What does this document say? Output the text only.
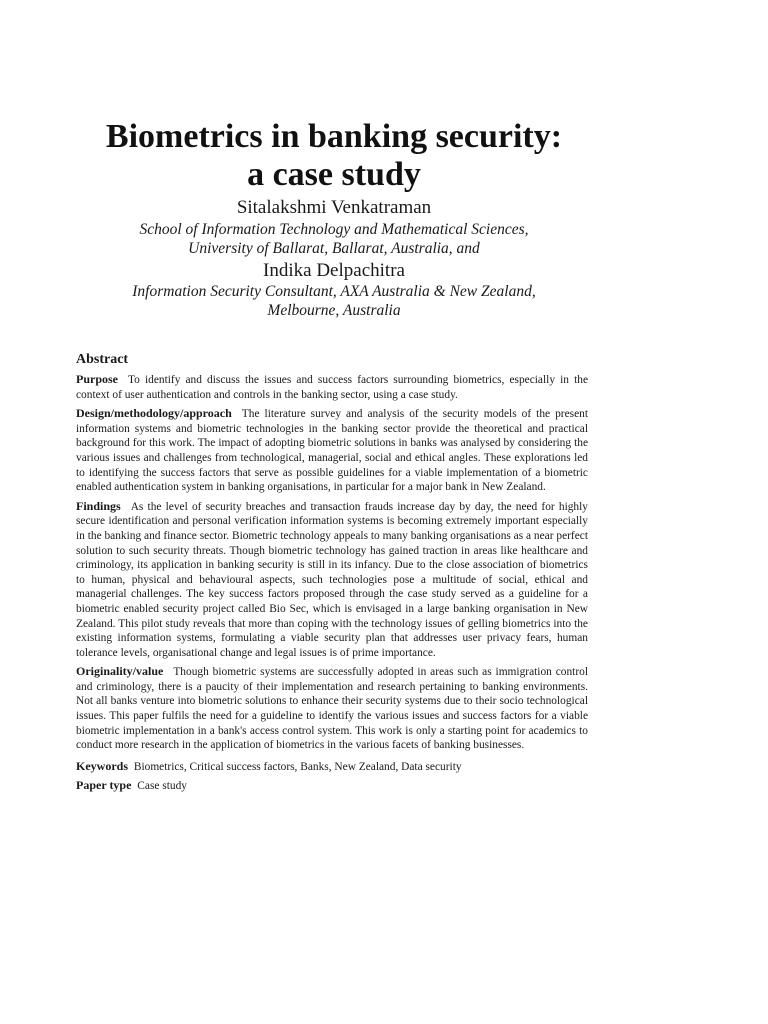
Biometrics in banking security:
a case study
Sitalakshmi Venkatraman
School of Information Technology and Mathematical Sciences,
University of Ballarat, Ballarat, Australia, and
Indika Delpachitra
Information Security Consultant, AXA Australia & New Zealand,
Melbourne, Australia
Abstract

Purpose To identify and discuss the issues and success factors surrounding biometrics, especially in the context of user authentication and controls in the banking sector, using a case study.

Design/methodology/approach The literature survey and analysis of the security models of the present information systems and biometric technologies in the banking sector provide the theoretical and practical background for this work. The impact of adopting biometric solutions in banks was analysed by considering the various issues and challenges from technological, managerial, social and ethical angles. These explorations led to identifying the success factors that serve as possible guidelines for a viable implementation of a biometric enabled authentication system in banking organisations, in particular for a major bank in New Zealand.

Findings As the level of security breaches and transaction frauds increase day by day, the need for highly secure identification and personal verification information systems is becoming extremely important especially in the banking and finance sector. Biometric technology appeals to many banking organisations as a near perfect solution to such security threats. Though biometric technology has gained traction in areas like healthcare and criminology, its application in banking security is still in its infancy. Due to the close association of biometrics to human, physical and behavioural aspects, such technologies pose a multitude of social, ethical and managerial challenges. The key success factors proposed through the case study served as a guideline for a biometric enabled security project called Bio Sec, which is envisaged in a large banking organisation in New Zealand. This pilot study reveals that more than coping with the technology issues of gelling biometrics into the existing information systems, formulating a viable security plan that addresses user privacy fears, human tolerance levels, organisational change and legal issues is of prime importance.

Originality/value Though biometric systems are successfully adopted in areas such as immigration control and criminology, there is a paucity of their implementation and research pertaining to banking environments. Not all banks venture into biometric solutions to enhance their security systems due to their socio technological issues. This paper fulfils the need for a guideline to identify the various issues and success factors for a viable biometric implementation in a bank's access control system. This work is only a starting point for academics to conduct more research in the application of biometrics in the various facets of banking businesses.

Keywords Biometrics, Critical success factors, Banks, New Zealand, Data security

Paper type Case study
